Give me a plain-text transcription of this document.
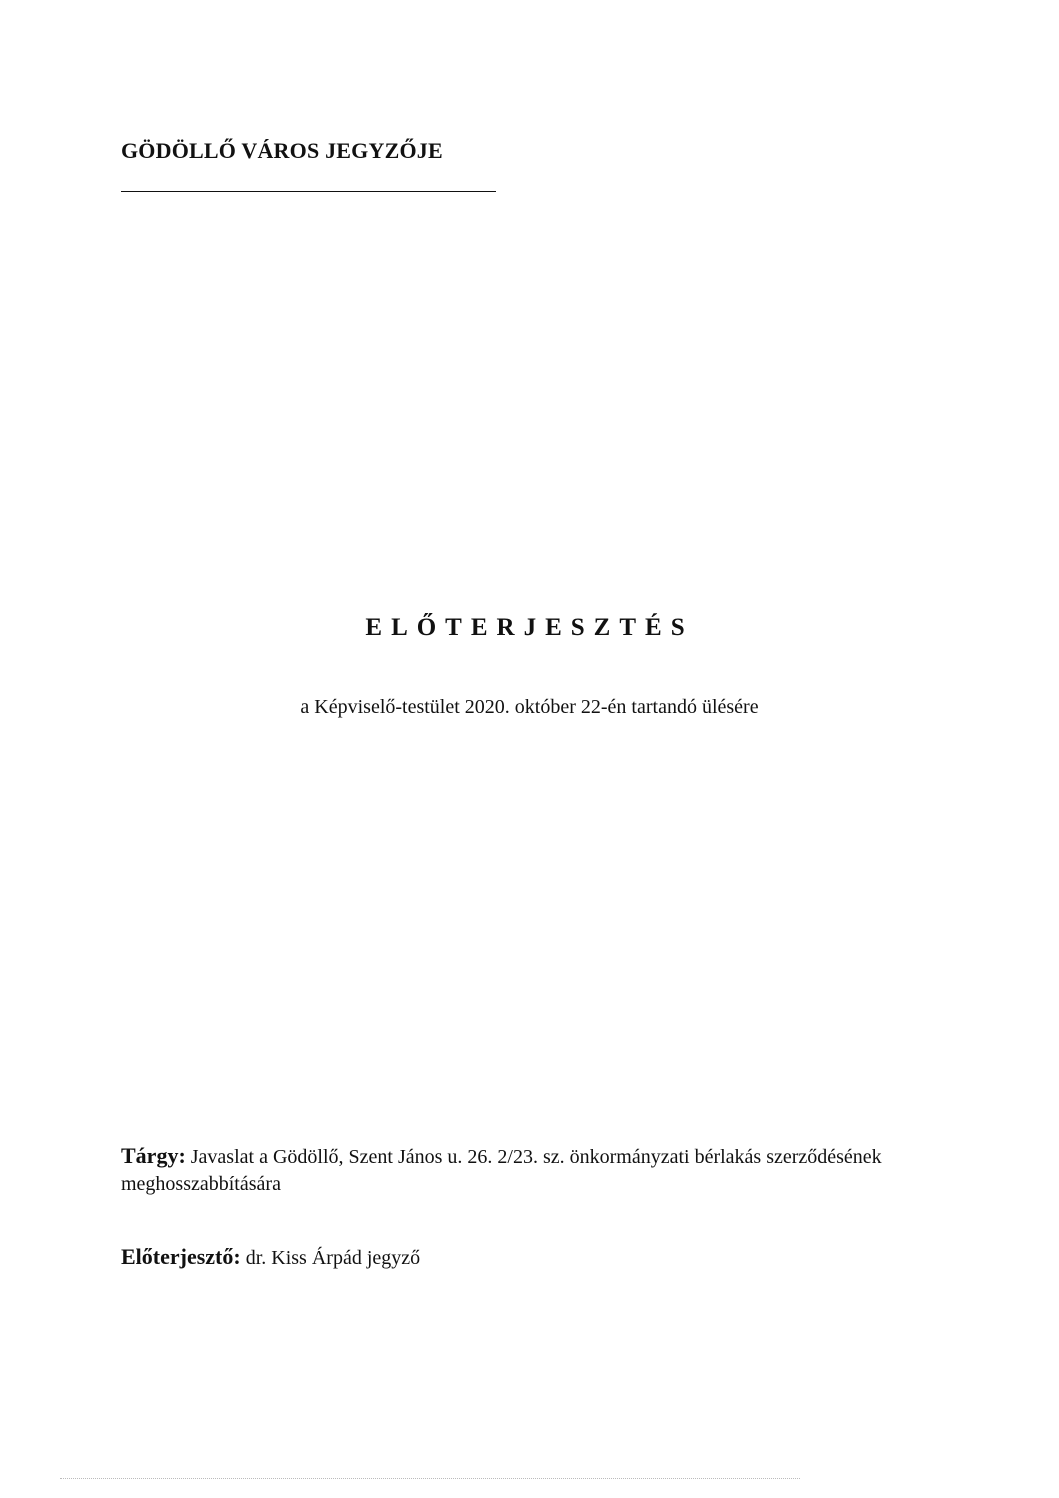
GÖDÖLLŐ VÁROS JEGYZŐJE
ELŐTERJESZTÉS
a Képviselő-testület 2020. október 22-én tartandó ülésére
Tárgy: Javaslat a Gödöllő, Szent János u. 26. 2/23. sz. önkormányzati bérlakás szerződésének meghosszabbítására
Előterjesztő: dr. Kiss Árpád jegyző
